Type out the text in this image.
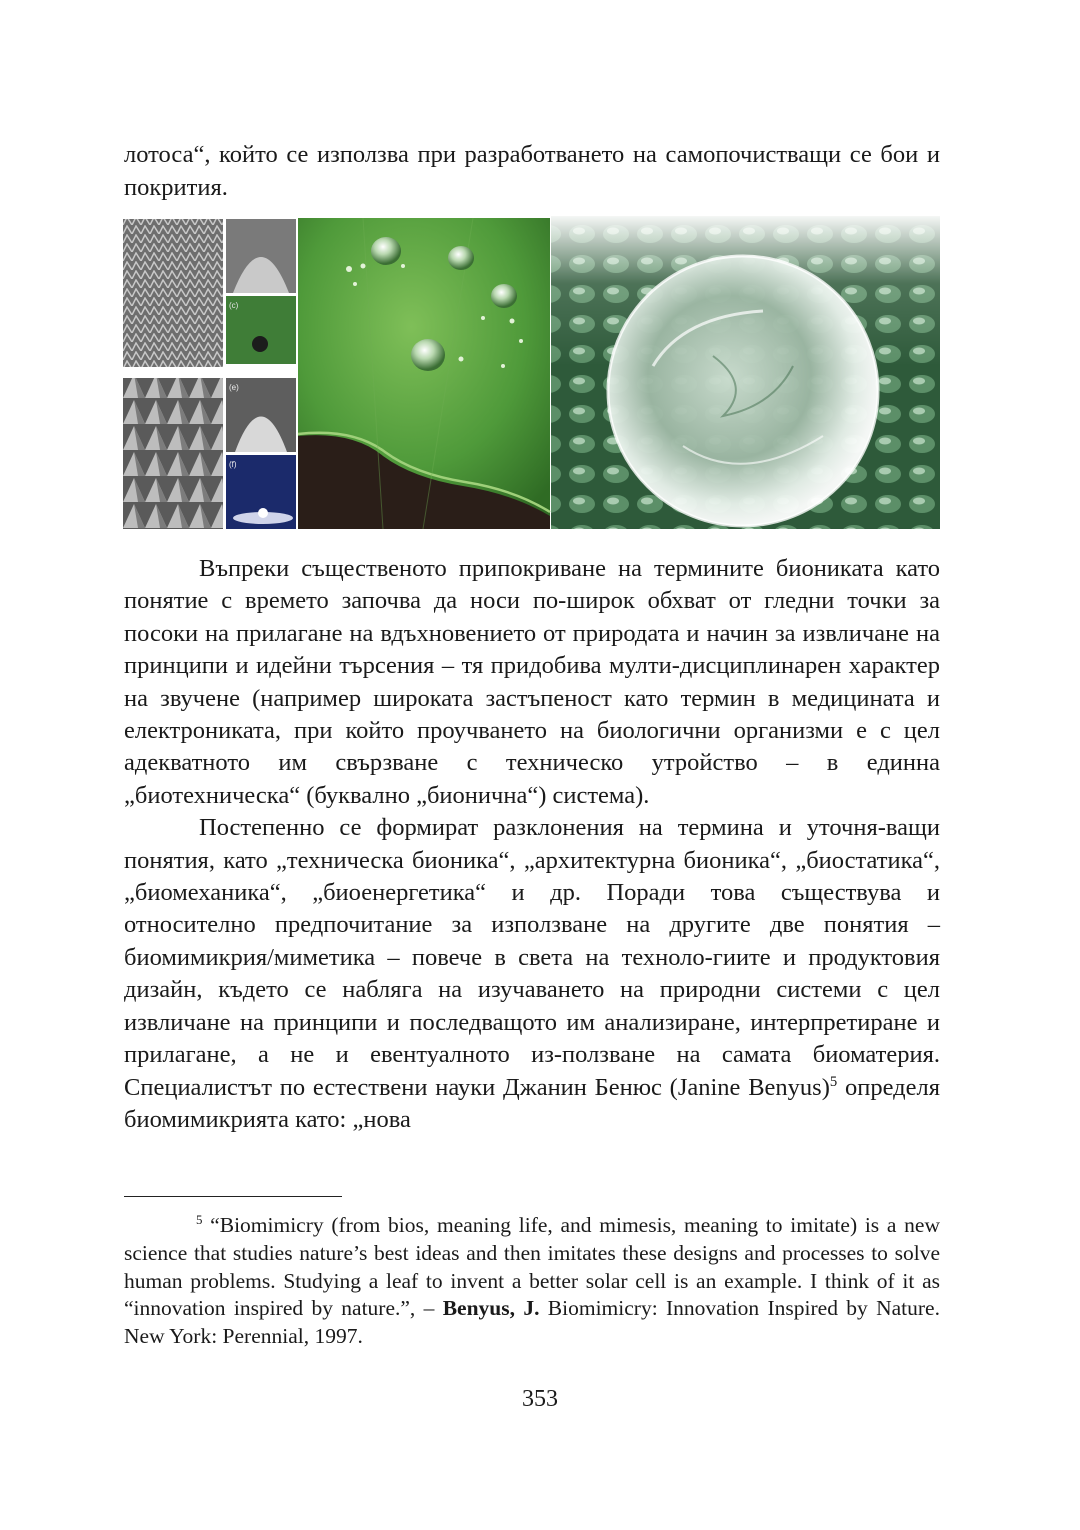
лотоса“, който се използва при разработването на самопочистващи се бои и покрития.

(c)
(e)
(f)

Въпреки същественото припокриване на термините биониката като понятие с времето започва да носи по-широк обхват от гледни точки за посоки на прилагане на вдъхновението от природата и начин за извличане на принципи и идейни търсения – тя придобива мулти-дисциплинарен характер на звучене (например широката застъпеност като термин в медицината и електрониката, при който проучването на биологични организми е с цел адекватното им свързване с техническо утройство – в единна „биотехническа“ (буквално „бионична“) система).

Постепенно се формират разклонения на термина и уточня-ващи понятия, като „техническа бионика“, „архитектурна бионика“, „биостатика“, „биомеханика“, „биоенергетика“ и др. Поради това съществува и относително предпочитание за използване на другите две понятия – биомимикрия/миметика – повече в света на техноло-гиите и продуктовия дизайн, където се набляга на изучаването на природни системи с цел извличане на принципи и последващото им анализиране, интерпретиране и прилагане, а не и евентуалното из-ползване на самата биоматерия. Специалистът по естествени науки Джанин Бенюс (Janine Benyus)$^5$ определя биомимикрията като: „нова

$^5$ “Biomimicry (from bios, meaning life, and mimesis, meaning to imitate) is a new science that studies nature’s best ideas and then imitates these designs and processes to solve human problems. Studying a leaf to invent a better solar cell is an example. I think of it as “innovation inspired by nature.”, – Benyus, J. Biomimicry: Innovation Inspired by Nature. New York: Perennial, 1997.

353
